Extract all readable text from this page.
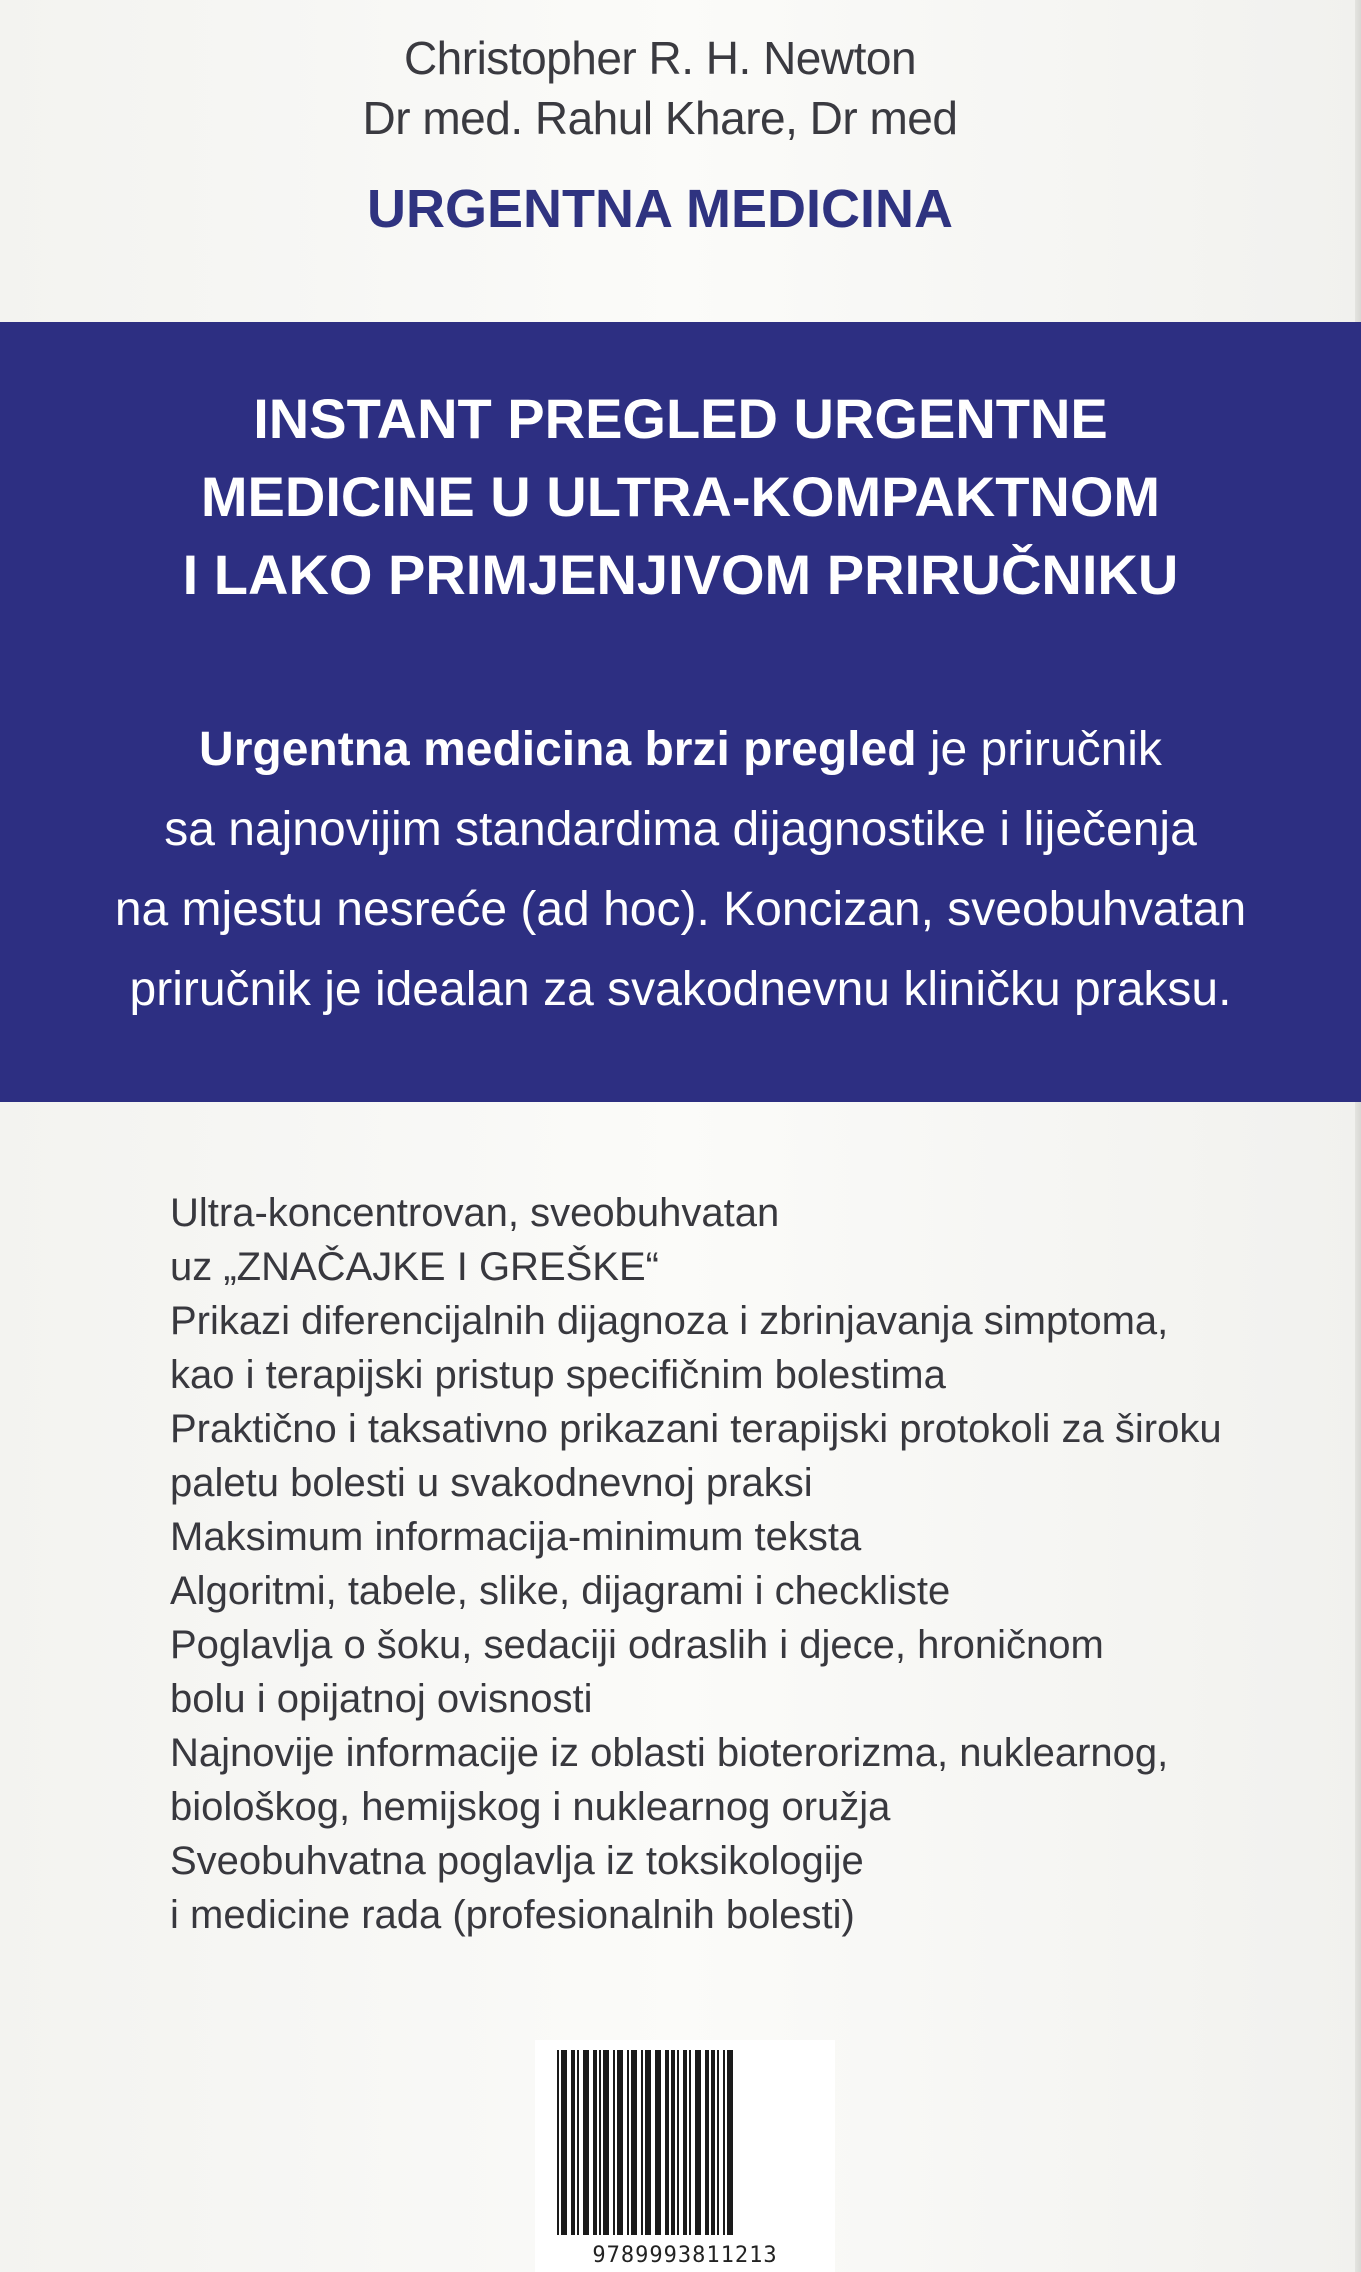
Christopher R. H. Newton
Dr med. Rahul Khare, Dr med
URGENTNA MEDICINA
INSTANT PREGLED URGENTNE
MEDICINE U ULTRA-KOMPAKTNOM
I LAKO PRIMJENJIVOM PRIRUČNIKU
Urgentna medicina brzi pregled je priručnik
sa najnovijim standardima dijagnostike i liječenja
na mjestu nesreće (ad hoc). Koncizan, sveobuhvatan
priručnik je idealan za svakodnevnu kliničku praksu.
Ultra-koncentrovan, sveobuhvatan
uz „ZNAČAJKE I GREŠKE“
Prikazi diferencijalnih dijagnoza i zbrinjavanja simptoma,
kao i terapijski pristup specifičnim bolestima
Praktično i taksativno prikazani terapijski protokoli za široku
paletu bolesti u svakodnevnoj praksi
Maksimum informacija-minimum teksta
Algoritmi, tabele, slike, dijagrami i checkliste
Poglavlja o šoku, sedaciji odraslih i djece, hroničnom
bolu i opijatnoj ovisnosti
Najnovije informacije iz oblasti bioterorizma, nuklearnog,
biološkog, hemijskog i nuklearnog oružja
Sveobuhvatna poglavlja iz toksikologije
i medicine rada (profesionalnih bolesti)
9789993811213
